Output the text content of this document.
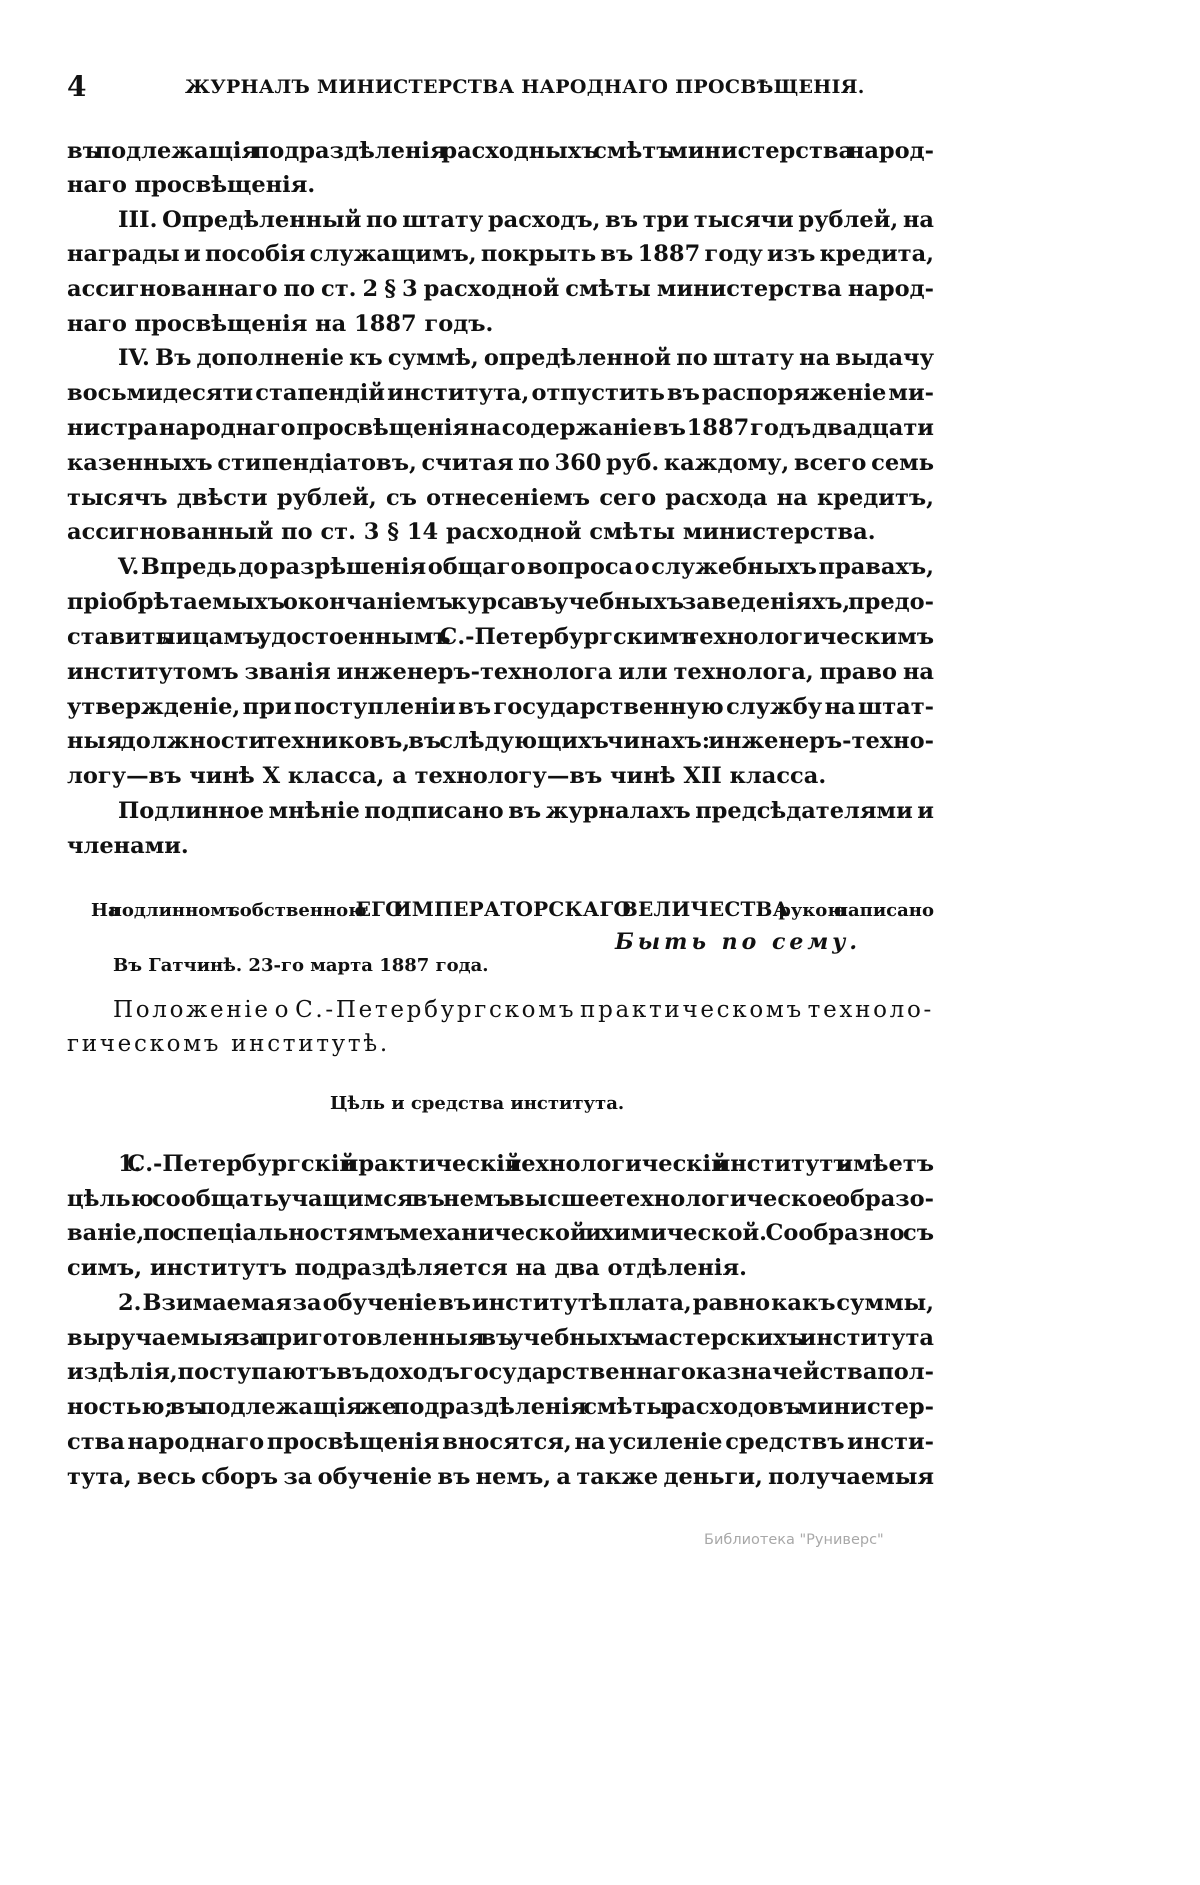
4	ЖУРНАЛЪ МИНИСТЕРСТВА НАРОДНАГО ПРОСВѢЩЕНІЯ.

въ подлежащія подраздѣленія расходныхъ смѣтъ министерства народ-

наго просвѣщенія.

III. Опредѣленный по штату расходъ, въ три тысячи рублей, на

награды и пособія служащимъ, покрыть въ 1887 году изъ кредита,

ассигнованнаго по ст. 2 § 3 расходной смѣты министерства народ-

наго просвѣщенія на 1887 годъ.

IV. Въ дополненіе къ суммѣ, опредѣленной по штату на выдачу

восьмидесяти стапендій института, отпустить въ распоряженіе ми-

нистра народнаго просвѣщенія на содержаніе въ 1887 годъ двадцати

казенныхъ стипендіатовъ, считая по 360 руб. каждому, всего семь

тысячъ двѣсти рублей, съ отнесеніемъ сего расхода на кредитъ,

ассигнованный по ст. 3 § 14 расходной смѣты министерства.

V. Впредь до разрѣшенія общаго вопроса о служебныхъ правахъ,

пріобрѣтаемыхъ окончаніемъ курса въ учебныхъ заведеніяхъ, предо-

ставить лицамъ, удостоеннымъ С.-Петербургскимъ технологическимъ

институтомъ званія инженеръ-технолога или технолога, право на

утвержденіе, при поступленіи въ государственную службу на штат-

ныя должности техниковъ, въ слѣдующихъ чинахъ: инженеръ-техно-

логу—въ чинѣ X класса, а технологу—въ чинѣ XII класса.

Подлинное мнѣніе подписано въ журналахъ предсѣдателями и

членами.

На подлинномъ собственною ЕГО ИМПЕРАТОРСКАГО ВЕЛИЧЕСТВА рукою написано

Быть по сему.

Въ Гатчинѣ. 23-го марта 1887 года.

Положеніе о С.-Петербургскомъ практическомъ техноло-

гическомъ институтѣ.

Цѣль и средства института.

1. С.-Петербургскій практическій технологическій институтъ имѣетъ

цѣлью сообщать учащимся въ немъ высшее технологическое образо-

ваніе, по спеціальностямъ механической и химической. Сообразно съ

симъ, институтъ подраздѣляется на два отдѣленія.

2. Взимаемая за обученіе въ институтѣ плата, равно какъ суммы,

выручаемыя за приготовленныя въ учебныхъ мастерскихъ института

издѣлія, поступаютъ въ доходъ государственнаго казначейства пол-

ностью; въ подлежащія же подраздѣленія смѣты расходовъ министер-

ства народнаго просвѣщенія вносятся, на усиленіе средствъ инсти-

тута, весь сборъ за обученіе въ немъ, а также деньги, получаемыя

Библиотека "Руниверс"
